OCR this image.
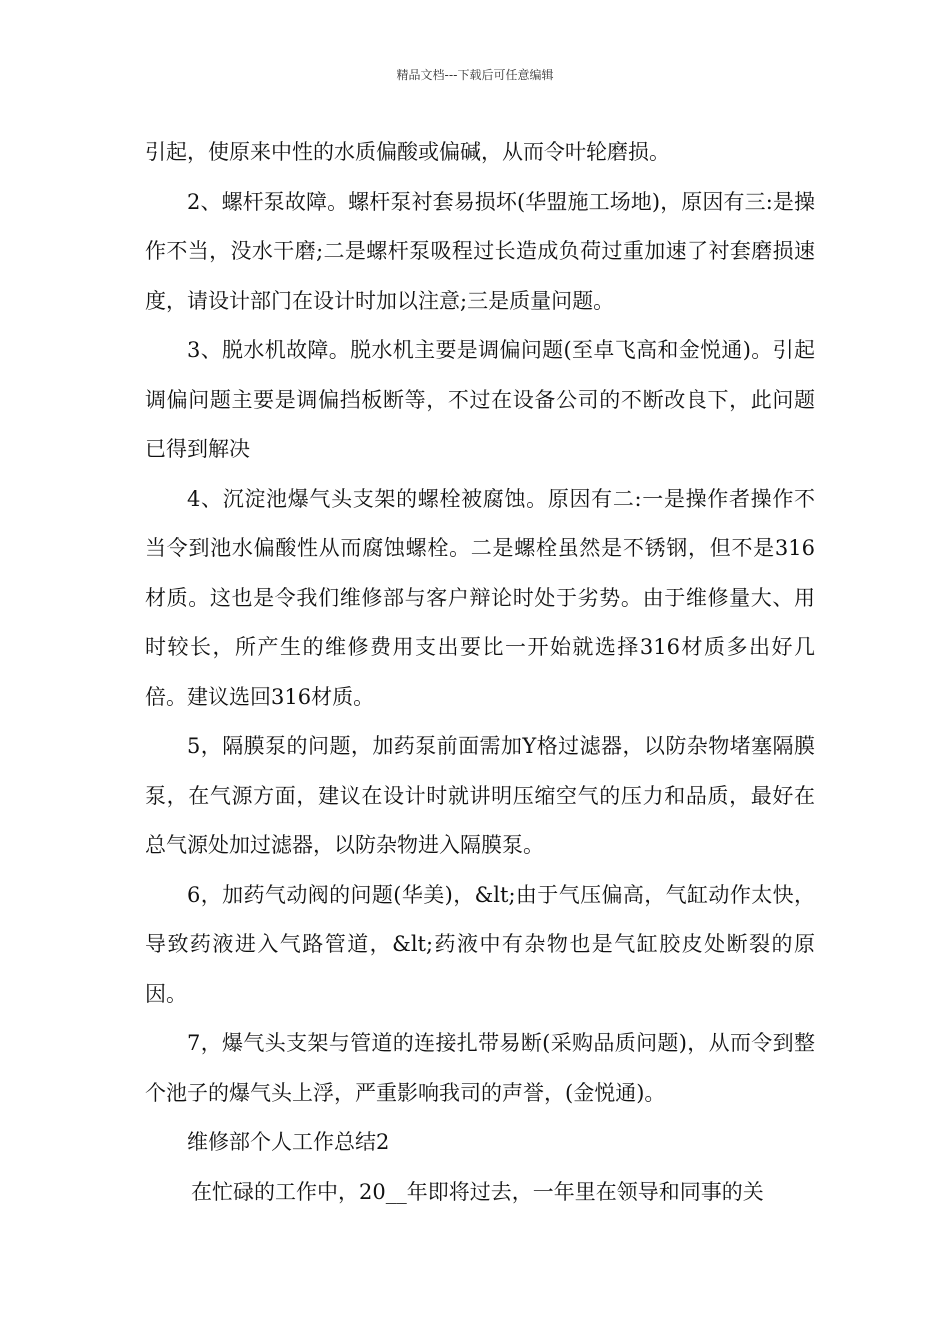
精品文档---下载后可任意编辑

引起，使原来中性的水质偏酸或偏碱，从而令叶轮磨损。

2、螺杆泵故障。螺杆泵衬套易损坏(华盟施工场地)，原因有三:是操作不当，没水干磨;二是螺杆泵吸程过长造成负荷过重加速了衬套磨损速度，请设计部门在设计时加以注意;三是质量问题。

3、脱水机故障。脱水机主要是调偏问题(至卓飞高和金悦通)。引起调偏问题主要是调偏挡板断等，不过在设备公司的不断改良下，此问题已得到解决

4、沉淀池爆气头支架的螺栓被腐蚀。原因有二:一是操作者操作不当令到池水偏酸性从而腐蚀螺栓。二是螺栓虽然是不锈钢，但不是316材质。这也是令我们维修部与客户辩论时处于劣势。由于维修量大、用时较长，所产生的维修费用支出要比一开始就选择316材质多出好几倍。建议选回316材质。

5，隔膜泵的问题，加药泵前面需加Y格过滤器，以防杂物堵塞隔膜泵，在气源方面，建议在设计时就讲明压缩空气的压力和品质，最好在总气源处加过滤器，以防杂物进入隔膜泵。

6，加药气动阀的问题(华美)，&lt;由于气压偏高，气缸动作太快，导致药液进入气路管道，&lt;药液中有杂物也是气缸胶皮处断裂的原因。

7，爆气头支架与管道的连接扎带易断(采购品质问题)，从而令到整个池子的爆气头上浮，严重影响我司的声誉，(金悦通)。

维修部个人工作总结2

在忙碌的工作中，20__年即将过去，一年里在领导和同事的关
